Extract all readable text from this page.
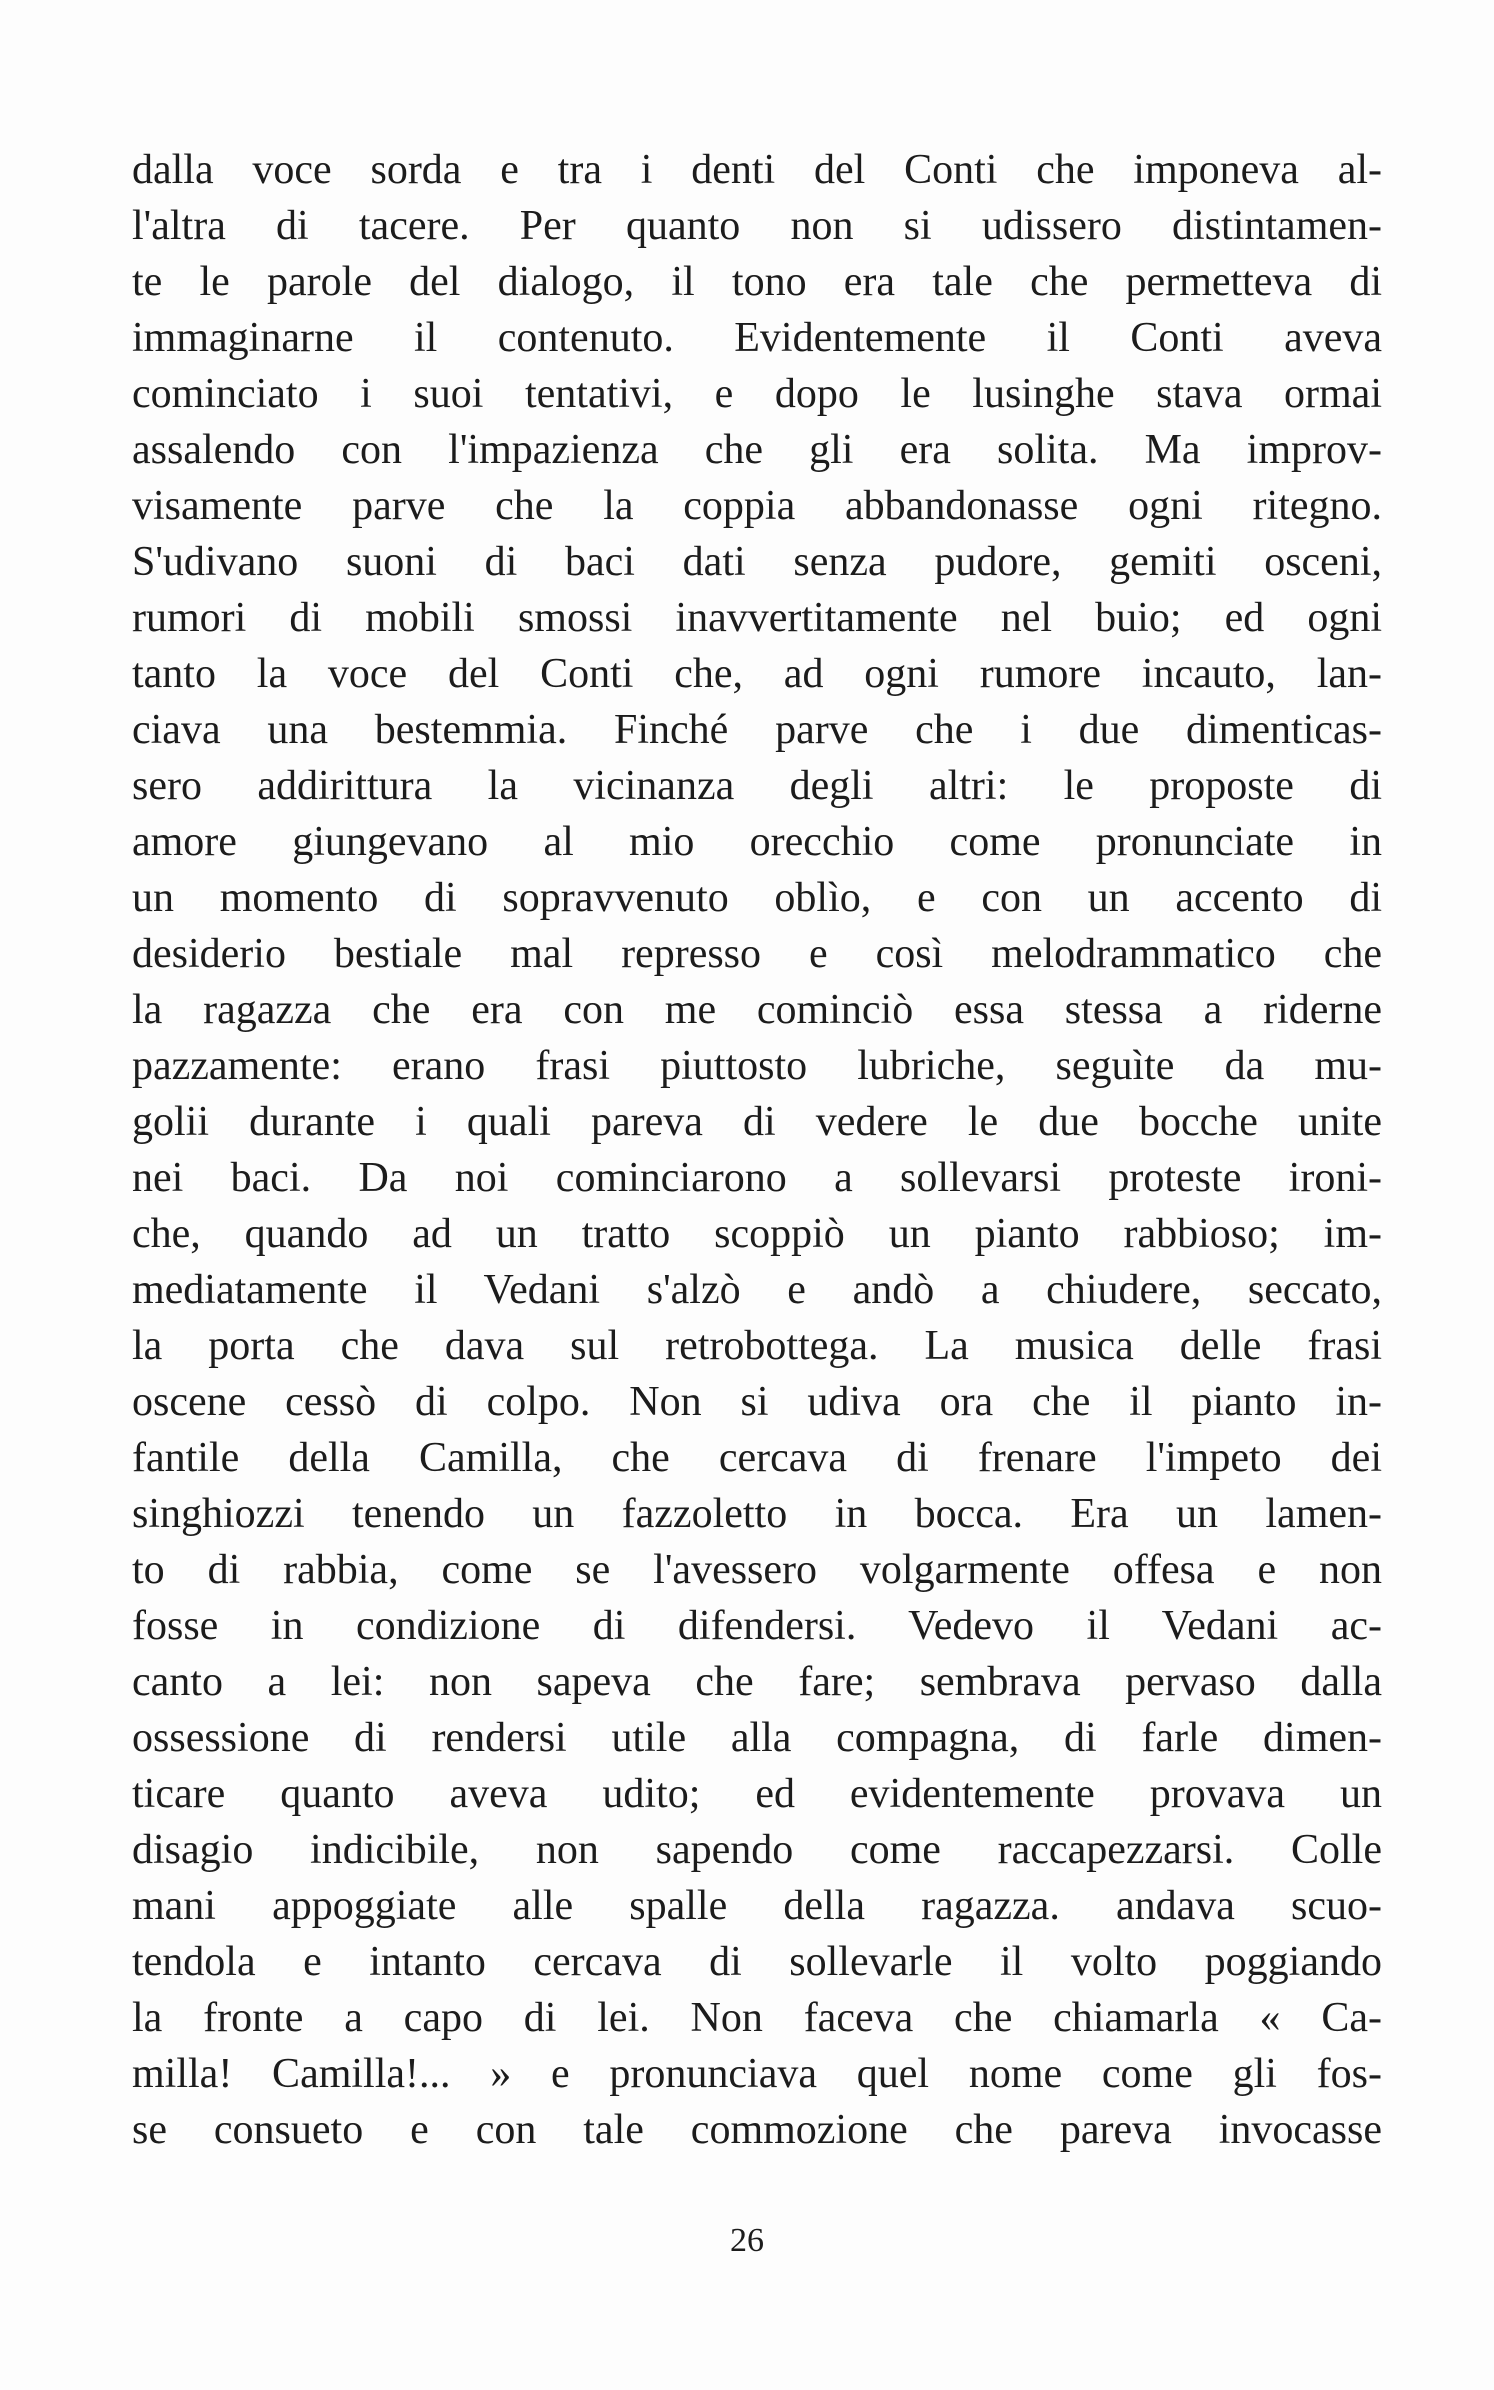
dalla voce sorda e tra i denti del Conti che imponeva al-
l'altra di tacere. Per quanto non si udissero distintamen-
te le parole del dialogo, il tono era tale che permetteva di
immaginarne il contenuto. Evidentemente il Conti aveva
cominciato i suoi tentativi, e dopo le lusinghe stava ormai
assalendo con l'impazienza che gli era solita. Ma improv-
visamente parve che la coppia abbandonasse ogni ritegno.
S'udivano suoni di baci dati senza pudore, gemiti osceni,
rumori di mobili smossi inavvertitamente nel buio; ed ogni
tanto la voce del Conti che, ad ogni rumore incauto, lan-
ciava una bestemmia. Finché parve che i due dimenticas-
sero addirittura la vicinanza degli altri: le proposte di
amore giungevano al mio orecchio come pronunciate in
un momento di sopravvenuto oblìo, e con un accento di
desiderio bestiale mal represso e così melodrammatico che
la ragazza che era con me cominciò essa stessa a riderne
pazzamente: erano frasi piuttosto lubriche, seguìte da mu-
golii durante i quali pareva di vedere le due bocche unite
nei baci. Da noi cominciarono a sollevarsi proteste ironi-
che, quando ad un tratto scoppiò un pianto rabbioso; im-
mediatamente il Vedani s'alzò e andò a chiudere, seccato,
la porta che dava sul retrobottega. La musica delle frasi
oscene cessò di colpo. Non si udiva ora che il pianto in-
fantile della Camilla, che cercava di frenare l'impeto dei
singhiozzi tenendo un fazzoletto in bocca. Era un lamen-
to di rabbia, come se l'avessero volgarmente offesa e non
fosse in condizione di difendersi. Vedevo il Vedani ac-
canto a lei: non sapeva che fare; sembrava pervaso dalla
ossessione di rendersi utile alla compagna, di farle dimen-
ticare quanto aveva udito; ed evidentemente provava un
disagio indicibile, non sapendo come raccapezzarsi. Colle
mani appoggiate alle spalle della ragazza. andava scuo-
tendola e intanto cercava di sollevarle il volto poggiando
la fronte a capo di lei. Non faceva che chiamarla « Ca-
milla! Camilla!... » e pronunciava quel nome come gli fos-
se consueto e con tale commozione che pareva invocasse
26
